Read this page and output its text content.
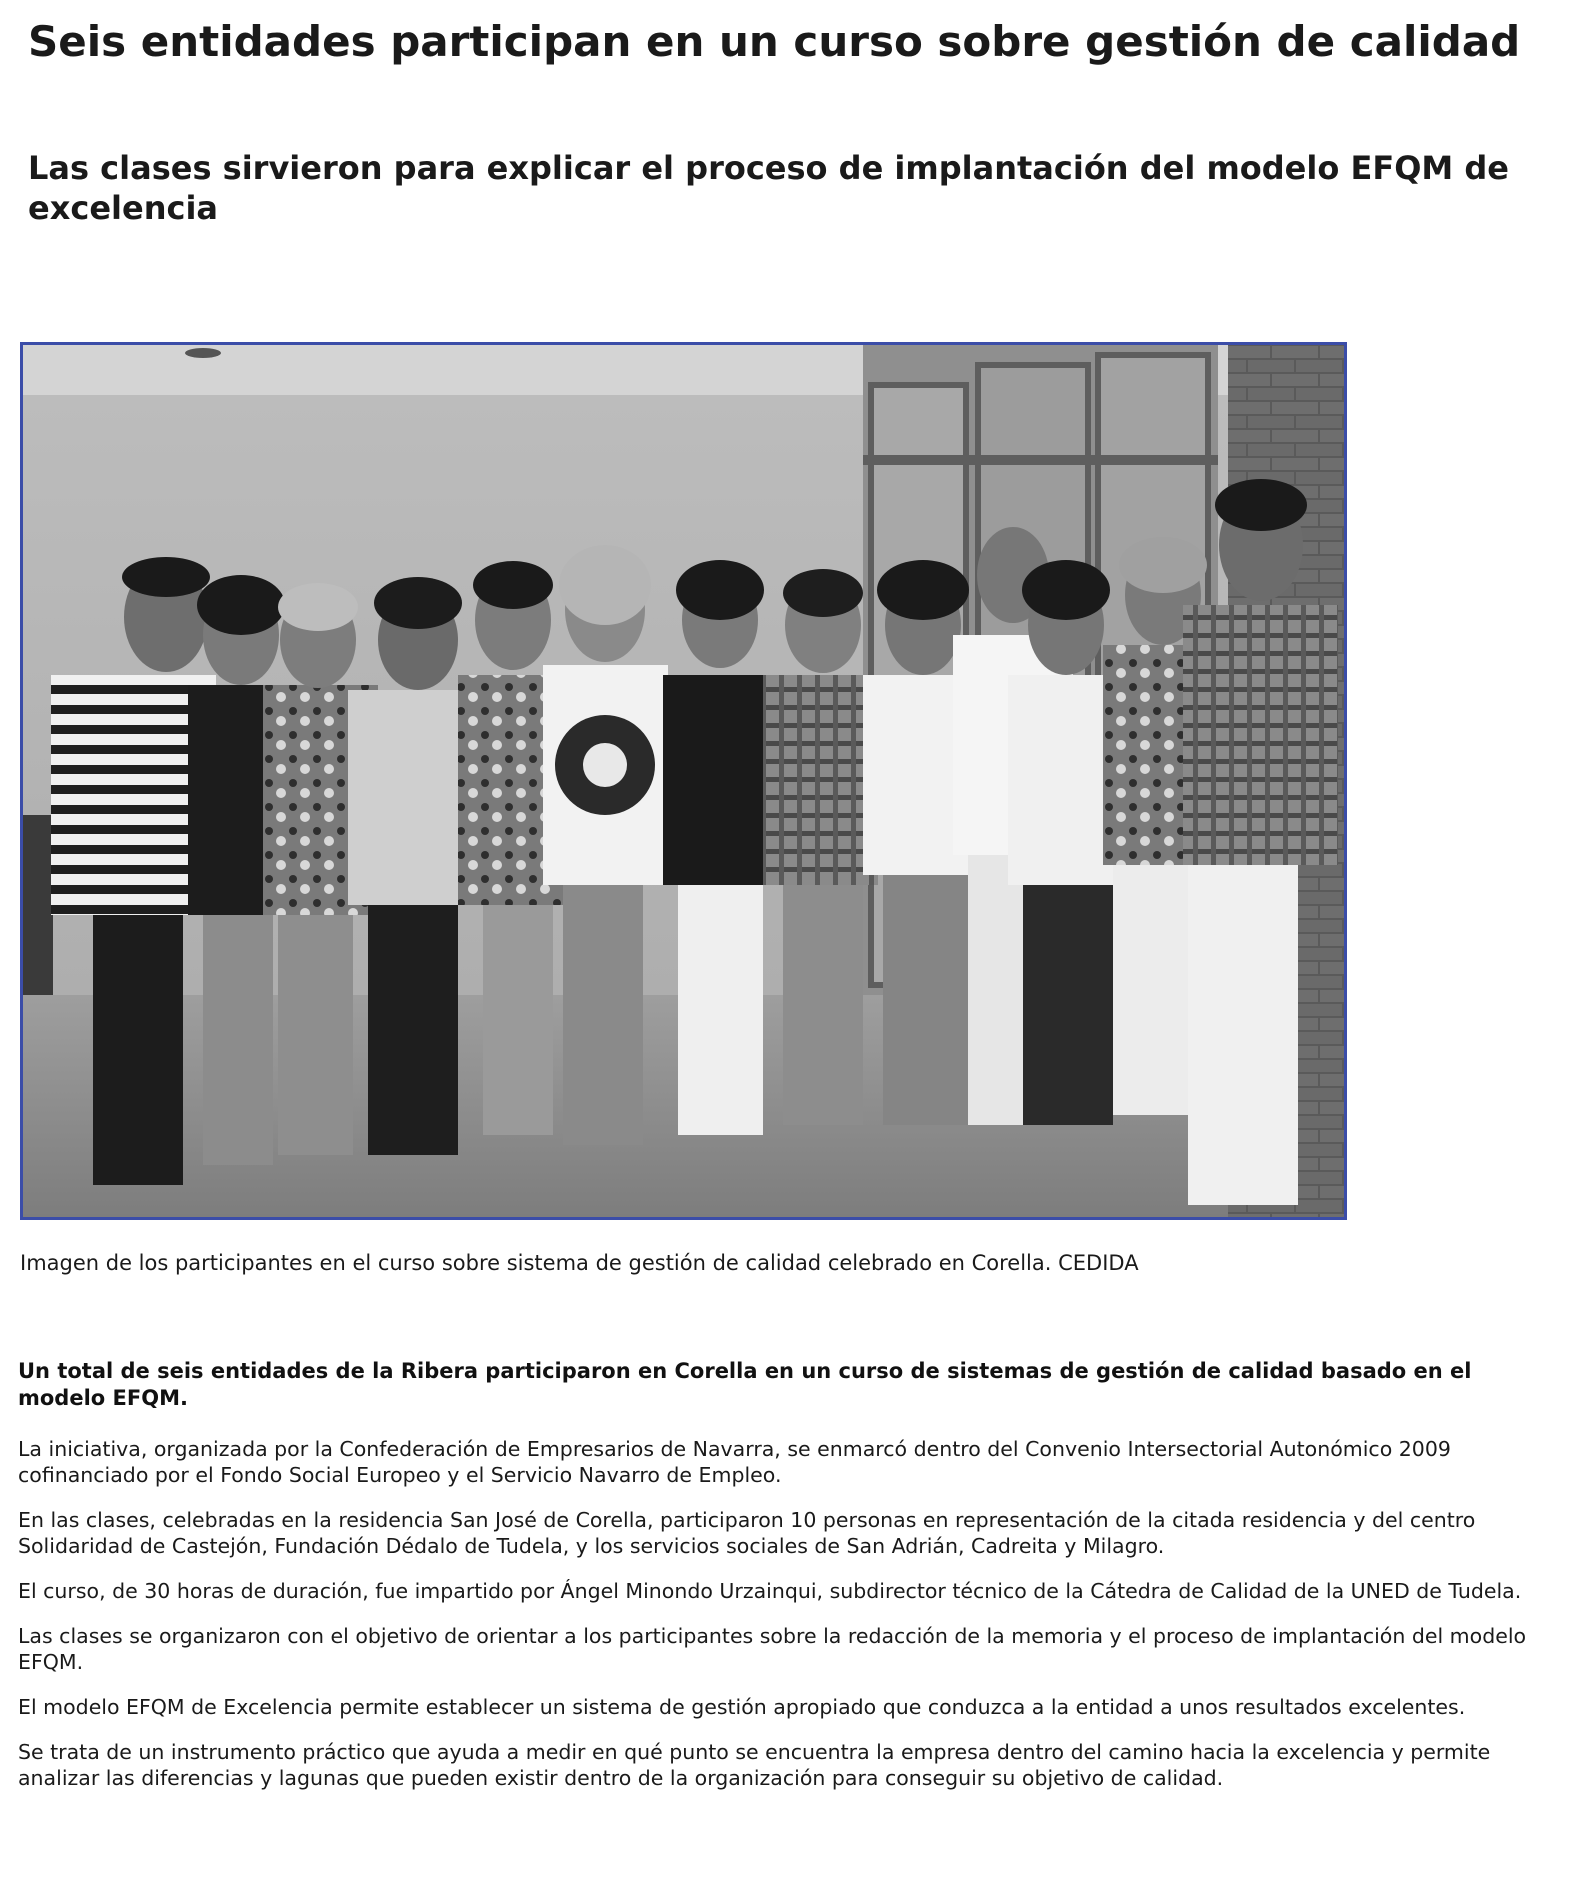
Seis entidades participan en un curso sobre gestión de calidad
Las clases sirvieron para explicar el proceso de implantación del modelo EFQM de excelencia

Imagen de los participantes en el curso sobre sistema de gestión de calidad celebrado en Corella. CEDIDA

Un total de seis entidades de la Ribera participaron en Corella en un curso de sistemas de gestión de calidad basado en el modelo EFQM.

La iniciativa, organizada por la Confederación de Empresarios de Navarra, se enmarcó dentro del Convenio Intersectorial Autonómico 2009 cofinanciado por el Fondo Social Europeo y el Servicio Navarro de Empleo.

En las clases, celebradas en la residencia San José de Corella, participaron 10 personas en representación de la citada residencia y del centro Solidaridad de Castejón, Fundación Dédalo de Tudela, y los servicios sociales de San Adrián, Cadreita y Milagro.

El curso, de 30 horas de duración, fue impartido por Ángel Minondo Urzainqui, subdirector técnico de la Cátedra de Calidad de la UNED de Tudela.

Las clases se organizaron con el objetivo de orientar a los participantes sobre la redacción de la memoria y el proceso de implantación del modelo EFQM.

El modelo EFQM de Excelencia permite establecer un sistema de gestión apropiado que conduzca a la entidad a unos resultados excelentes.

Se trata de un instrumento práctico que ayuda a medir en qué punto se encuentra la empresa dentro del camino hacia la excelencia y permite analizar las diferencias y lagunas que pueden existir dentro de la organización para conseguir su objetivo de calidad.
